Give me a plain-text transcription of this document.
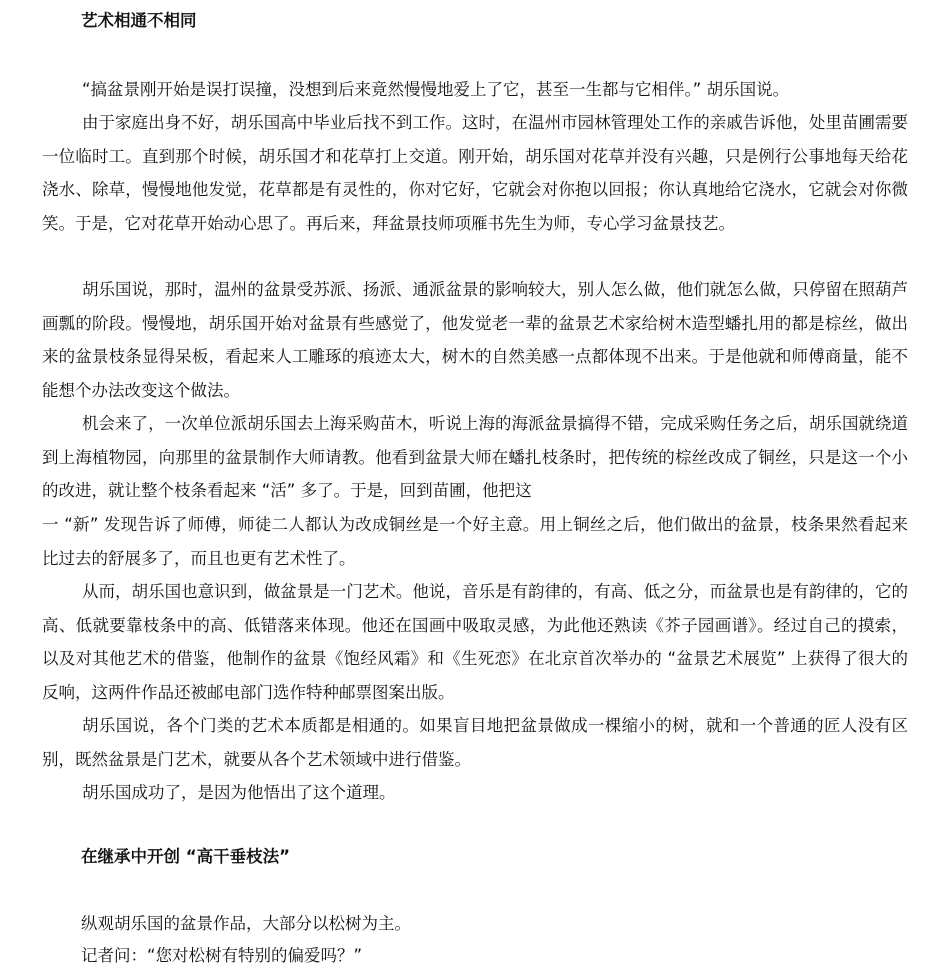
艺术相通不相同

“搞盆景刚开始是误打误撞，没想到后来竟然慢慢地爱上了它，甚至一生都与它相伴。” 胡乐国说。

由于家庭出身不好，胡乐国高中毕业后找不到工作。这时，在温州市园林管理处工作的亲戚告诉他，处里苗圃需要一位临时工。直到那个时候，胡乐国才和花草打上交道。刚开始，胡乐国对花草并没有兴趣，只是例行公事地每天给花浇水、除草，慢慢地他发觉，花草都是有灵性的，你对它好，它就会对你抱以回报；你认真地给它浇水，它就会对你微笑。于是，它对花草开始动心思了。再后来，拜盆景技师项雁书先生为师，专心学习盆景技艺。

胡乐国说，那时，温州的盆景受苏派、扬派、通派盆景的影响较大，别人怎么做，他们就怎么做，只停留在照葫芦画瓢的阶段。慢慢地，胡乐国开始对盆景有些感觉了，他发觉老一辈的盆景艺术家给树木造型蟠扎用的都是棕丝，做出来的盆景枝条显得呆板，看起来人工雕琢的痕迹太大，树木的自然美感一点都体现不出来。于是他就和师傅商量，能不能想个办法改变这个做法。

机会来了，一次单位派胡乐国去上海采购苗木，听说上海的海派盆景搞得不错，完成采购任务之后，胡乐国就绕道到上海植物园，向那里的盆景制作大师请教。他看到盆景大师在蟠扎枝条时，把传统的棕丝改成了铜丝，只是这一个小的改进，就让整个枝条看起来 “活” 多了。于是，回到苗圃，他把这

一 “新” 发现告诉了师傅，师徒二人都认为改成铜丝是一个好主意。用上铜丝之后，他们做出的盆景，枝条果然看起来比过去的舒展多了，而且也更有艺术性了。

从而，胡乐国也意识到，做盆景是一门艺术。他说，音乐是有韵律的，有高、低之分，而盆景也是有韵律的，它的高、低就要靠枝条中的高、低错落来体现。他还在国画中吸取灵感，为此他还熟读《芥子园画谱》。经过自己的摸索，以及对其他艺术的借鉴，他制作的盆景《饱经风霜》和《生死恋》在北京首次举办的 “盆景艺术展览” 上获得了很大的反响，这两件作品还被邮电部门选作特种邮票图案出版。

胡乐国说，各个门类的艺术本质都是相通的。如果盲目地把盆景做成一棵缩小的树，就和一个普通的匠人没有区别，既然盆景是门艺术，就要从各个艺术领域中进行借鉴。

胡乐国成功了，是因为他悟出了这个道理。

在继承中开创 “高干垂枝法”

纵观胡乐国的盆景作品，大部分以松树为主。

记者问：“您对松树有特别的偏爱吗？”
